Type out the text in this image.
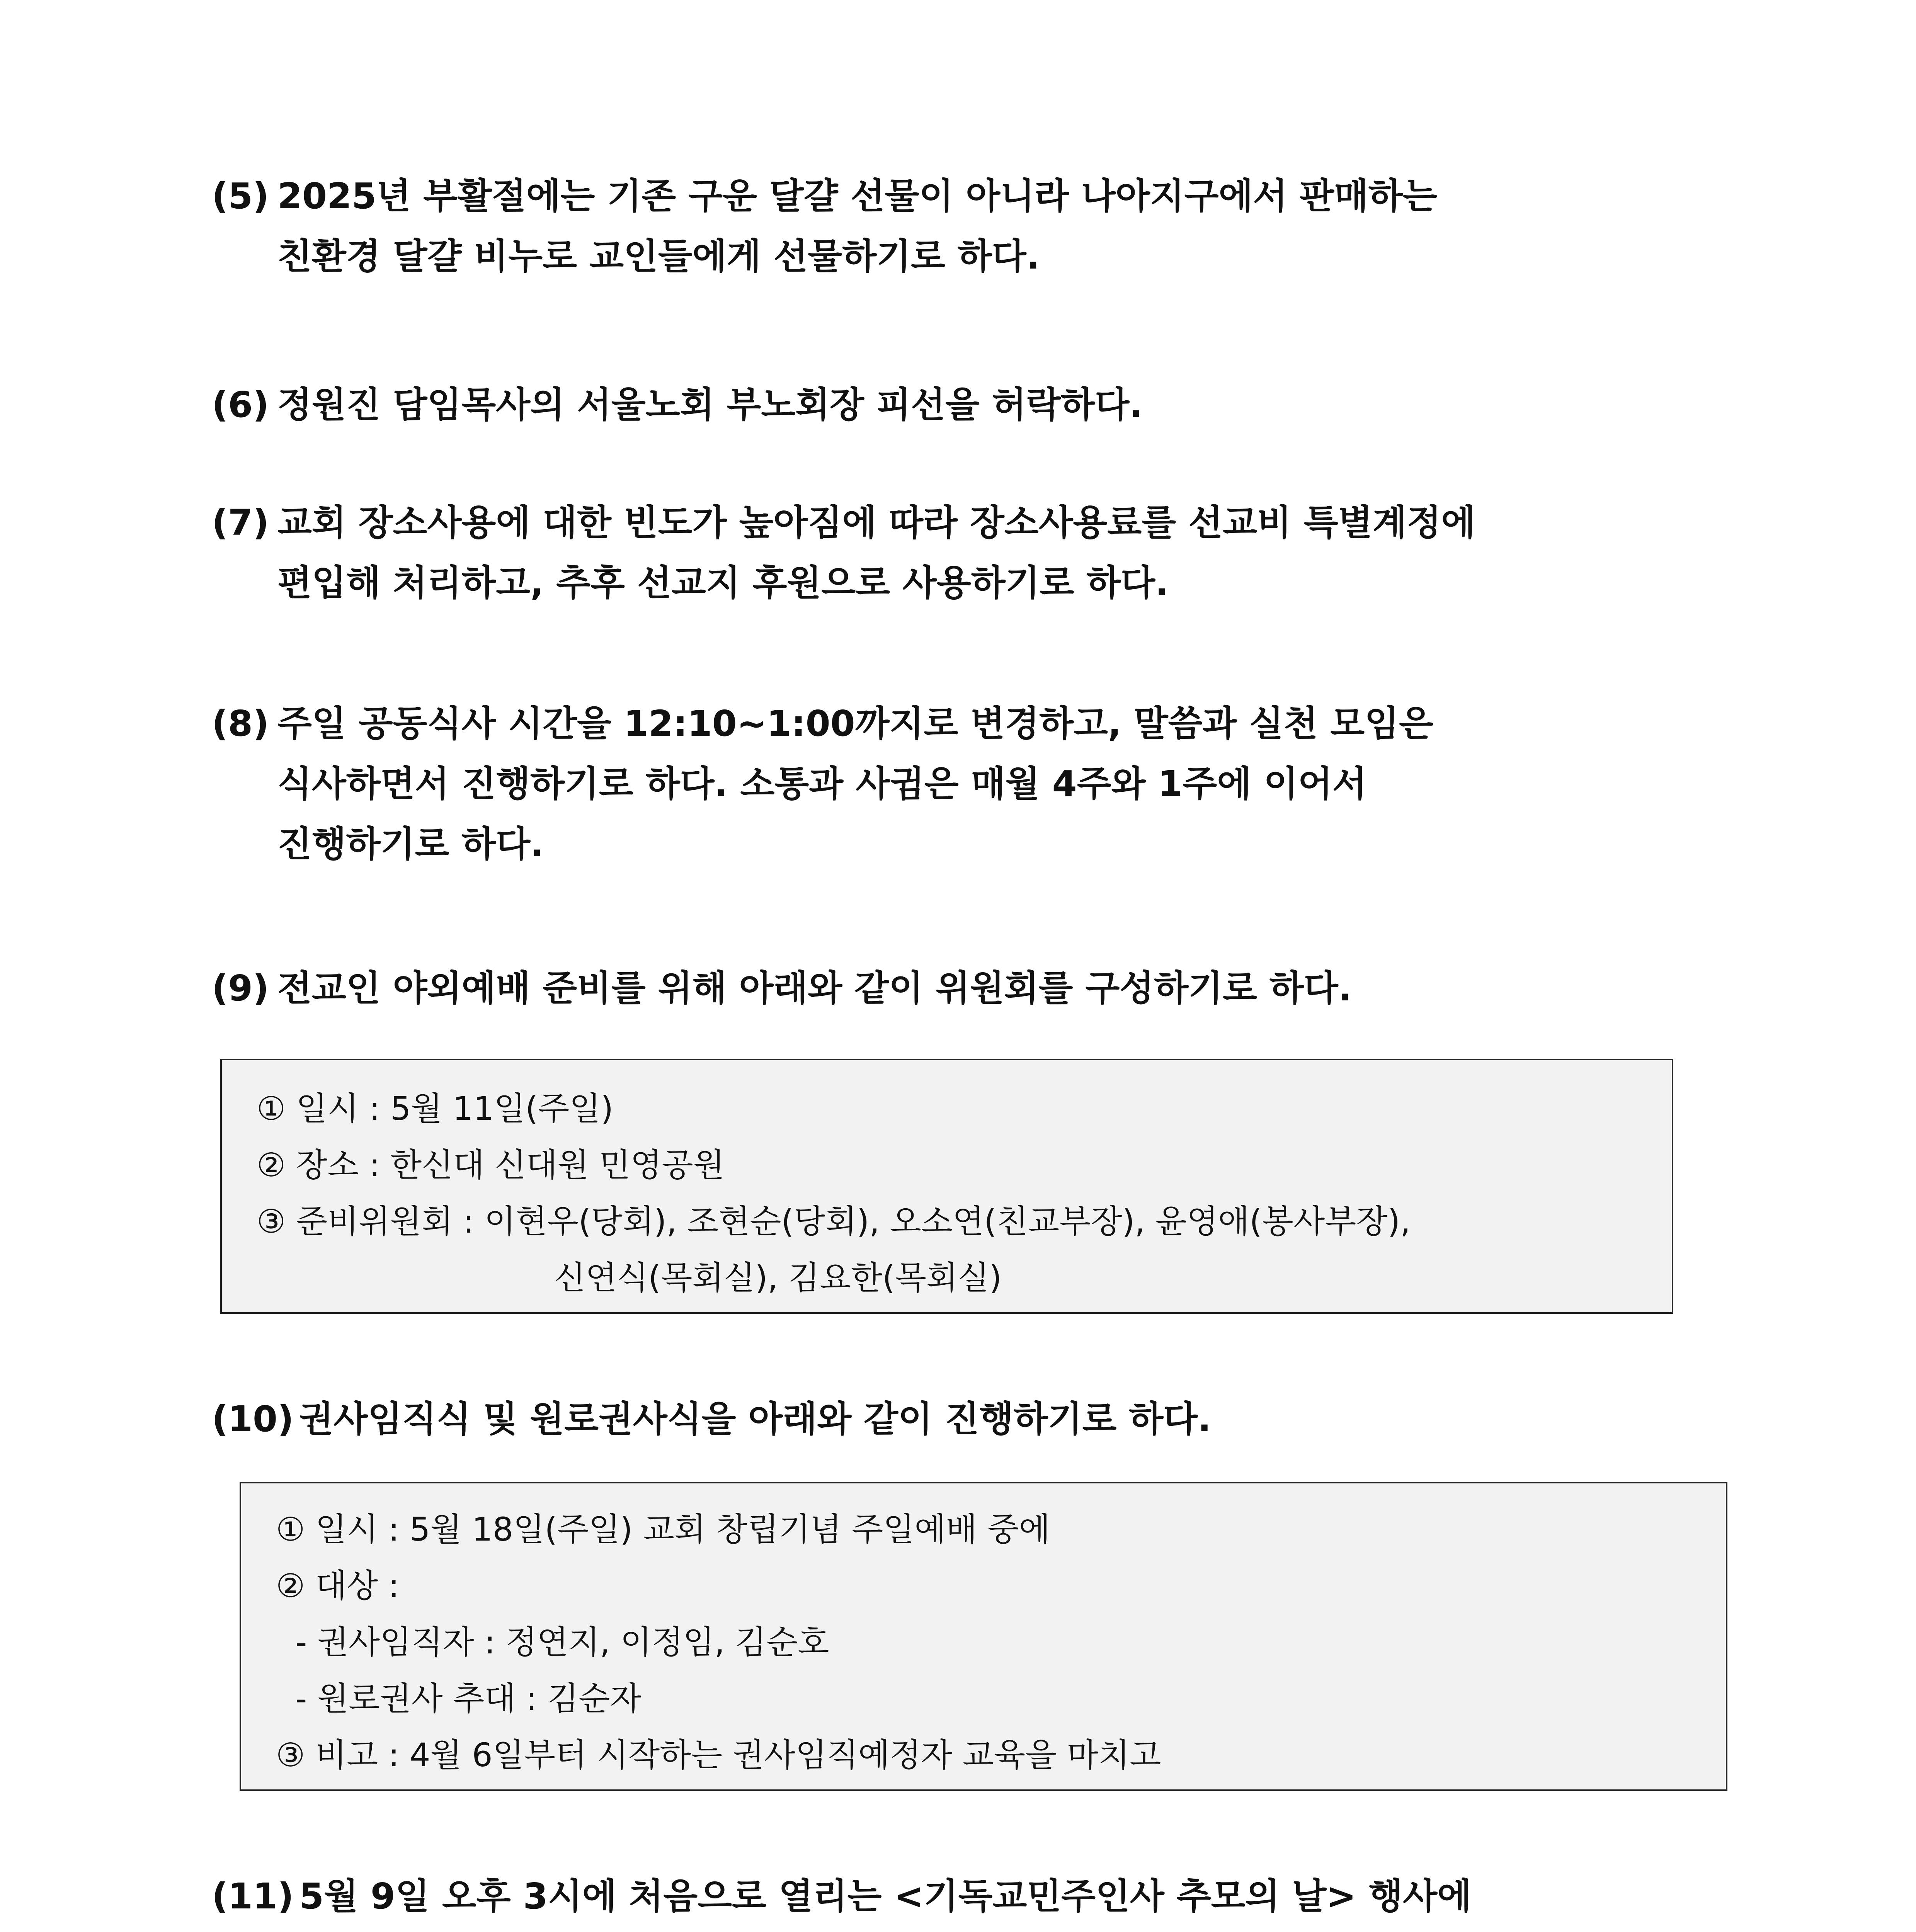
(5) 2025년 부활절에는 기존 구운 달걀 선물이 아니라 나아지구에서 판매하는
친환경 달걀 비누로 교인들에게 선물하기로 하다.
(6) 정원진 담임목사의 서울노회 부노회장 피선을 허락하다.
(7) 교회 장소사용에 대한 빈도가 높아짐에 따라 장소사용료를 선교비 특별계정에
편입해 처리하고, 추후 선교지 후원으로 사용하기로 하다.
(8) 주일 공동식사 시간을 12:10~1:00까지로 변경하고, 말씀과 실천 모임은
식사하면서 진행하기로 하다. 소통과 사귐은 매월 4주와 1주에 이어서
진행하기로 하다.
(9) 전교인 야외예배 준비를 위해 아래와 같이 위원회를 구성하기로 하다.
① 일시 : 5월 11일(주일)
② 장소 : 한신대 신대원 민영공원
③ 준비위원회 : 이현우(당회), 조현순(당회), 오소연(친교부장), 윤영애(봉사부장),
신연식(목회실), 김요한(목회실)
(10) 권사임직식 및 원로권사식을 아래와 같이 진행하기로 하다.
① 일시 : 5월 18일(주일) 교회 창립기념 주일예배 중에
② 대상 :
- 권사임직자 : 정연지, 이정임, 김순호
- 원로권사 추대 : 김순자
③ 비고 : 4월 6일부터 시작하는 권사임직예정자 교육을 마치고
(11) 5월 9일 오후 3시에 처음으로 열리는 <기독교민주인사 추모의 날> 행사에
